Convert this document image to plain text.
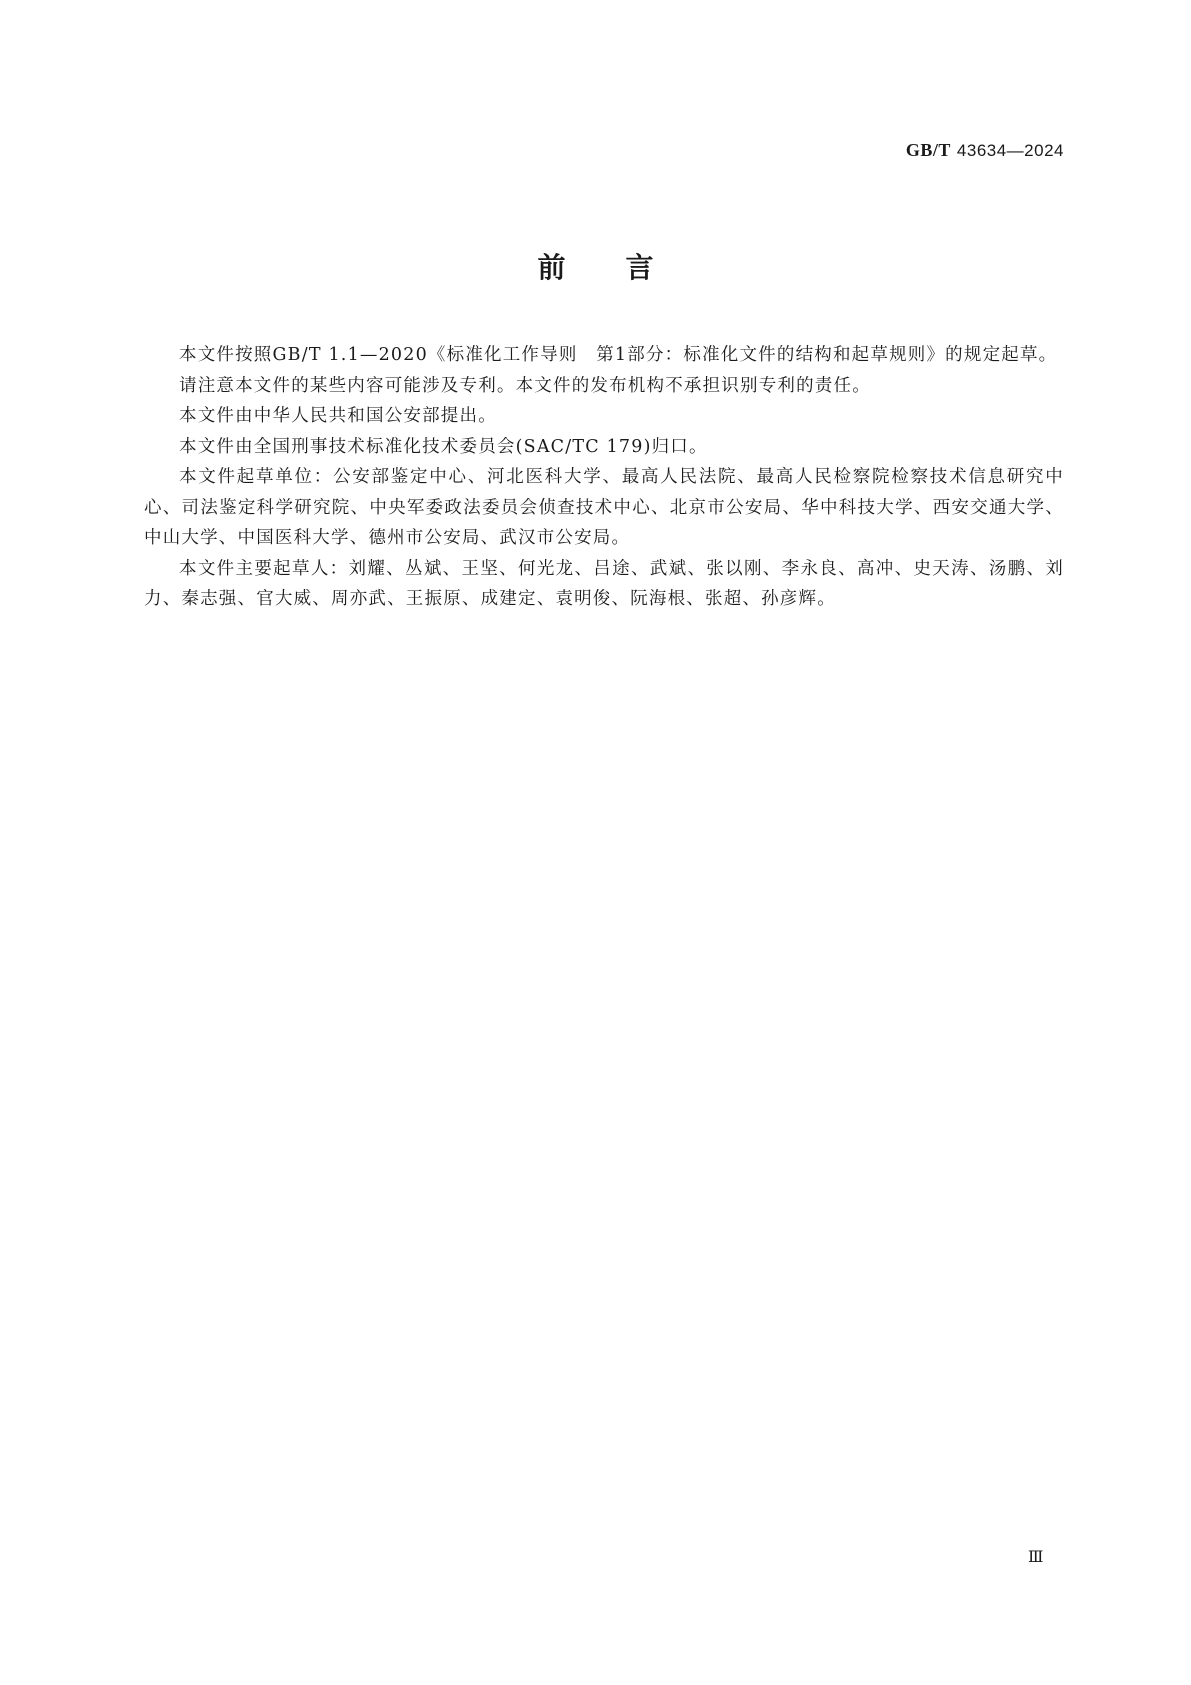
GB/T 43634—2024
前言

本文件按照GB/T 1.1—2020《标准化工作导则　第1部分：标准化文件的结构和起草规则》的规定起草。

请注意本文件的某些内容可能涉及专利。本文件的发布机构不承担识别专利的责任。

本文件由中华人民共和国公安部提出。

本文件由全国刑事技术标准化技术委员会(SAC/TC 179)归口。

本文件起草单位：公安部鉴定中心、河北医科大学、最高人民法院、最高人民检察院检察技术信息研究中心、司法鉴定科学研究院、中央军委政法委员会侦查技术中心、北京市公安局、华中科技大学、西安交通大学、中山大学、中国医科大学、德州市公安局、武汉市公安局。

本文件主要起草人：刘耀、丛斌、王坚、何光龙、吕途、武斌、张以刚、李永良、高冲、史天涛、汤鹏、刘力、秦志强、官大威、周亦武、王振原、成建定、袁明俊、阮海根、张超、孙彦辉。

Ⅲ
